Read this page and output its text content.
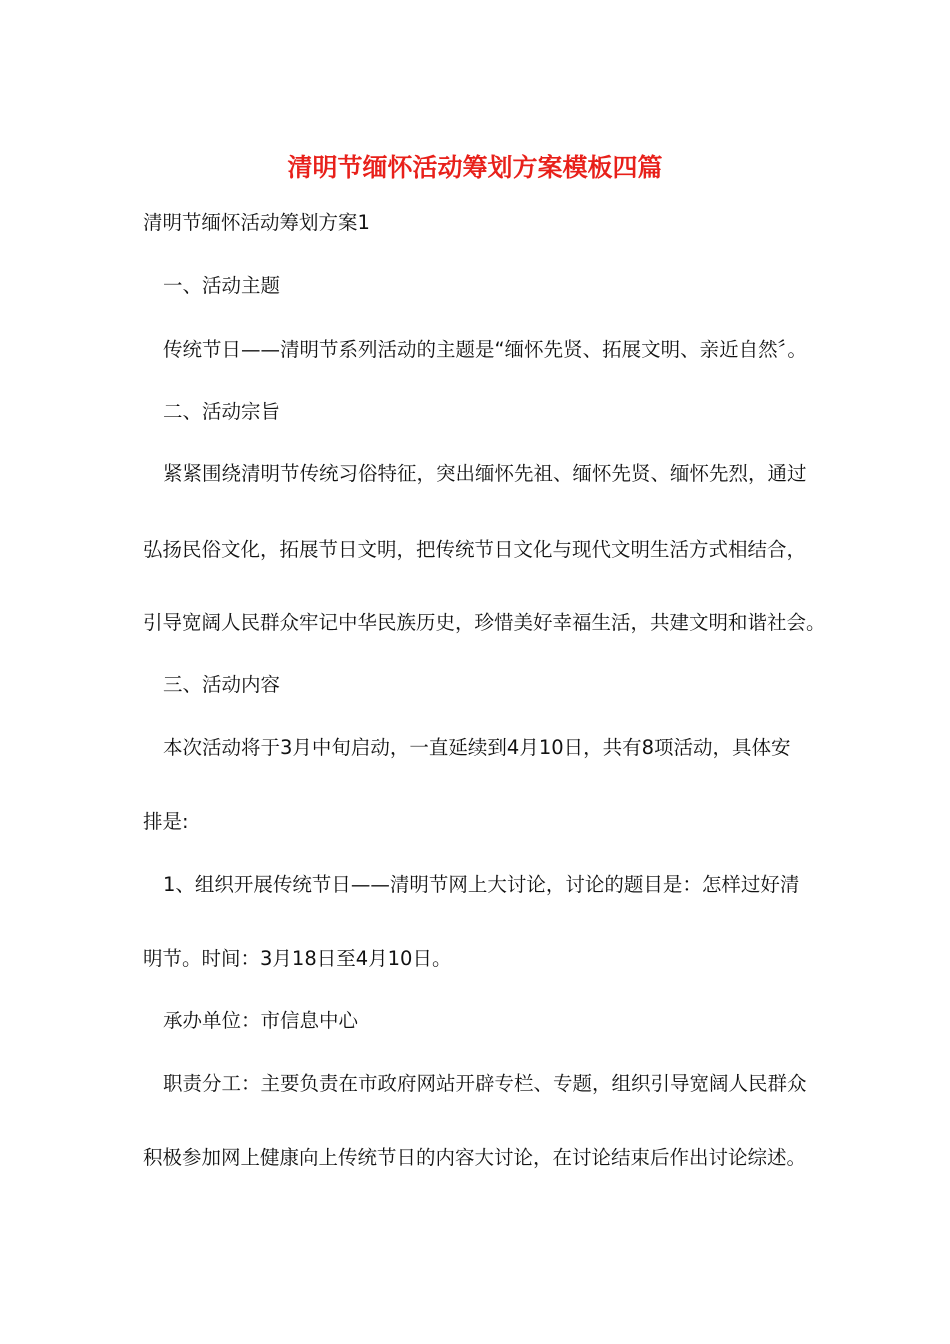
清明节缅怀活动筹划方案模板四篇

清明节缅怀活动筹划方案1

一、活动主题

传统节日——清明节系列活动的主题是“缅怀先贤、拓展文明、亲近自然〞。

二、活动宗旨

紧紧围绕清明节传统习俗特征，突出缅怀先祖、缅怀先贤、缅怀先烈，通过

弘扬民俗文化，拓展节日文明，把传统节日文化与现代文明生活方式相结合，

引导宽阔人民群众牢记中华民族历史，珍惜美好幸福生活，共建文明和谐社会。

三、活动内容

本次活动将于3月中旬启动，一直延续到4月10日，共有8项活动，具体安

排是:

1、组织开展传统节日——清明节网上大讨论，讨论的题目是：怎样过好清

明节。时间：3月18日至4月10日。

承办单位：市信息中心

职责分工：主要负责在市政府网站开辟专栏、专题，组织引导宽阔人民群众

积极参加网上健康向上传统节日的内容大讨论，在讨论结束后作出讨论综述。
